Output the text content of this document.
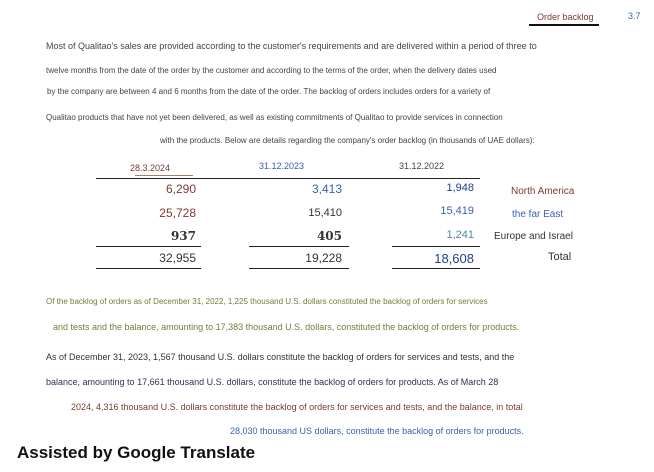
Order backlog	3.7
Most of Qualitao's sales are provided according to the customer's requirements and are delivered within a period of three to
twelve months from the date of the order by the customer and according to the terms of the order, when the delivery dates used
by the company are between 4 and 6 months from the date of the order. The backlog of orders includes orders for a variety of
Qualitao products that have not yet been delivered, as well as existing commitments of Qualitao to provide services in connection
with the products. Below are details regarding the company's order backlog (in thousands of UAE dollars):
28.3.2024	31.12.2023	31.12.2022
6,290	3,413	1,948	North America
25,728	15,410	15,419	the far East
937	405	1,241 Europe and Israel
32,955	19,228	18,608	Total
Of the backlog of orders as of December 31, 2022, 1,225 thousand U.S. dollars constituted the backlog of orders for services
and tests and the balance, amounting to 17,383 thousand U.S. dollars, constituted the backlog of orders for products.
As of December 31, 2023, 1,567 thousand U.S. dollars constitute the backlog of orders for services and tests, and the
balance, amounting to 17,661 thousand U.S. dollars, constitute the backlog of orders for products. As of March 28
2024, 4,316 thousand U.S. dollars constitute the backlog of orders for services and tests, and the balance, in total
28,030 thousand US dollars, constitute the backlog of orders for products.
Assisted by Google Translate
